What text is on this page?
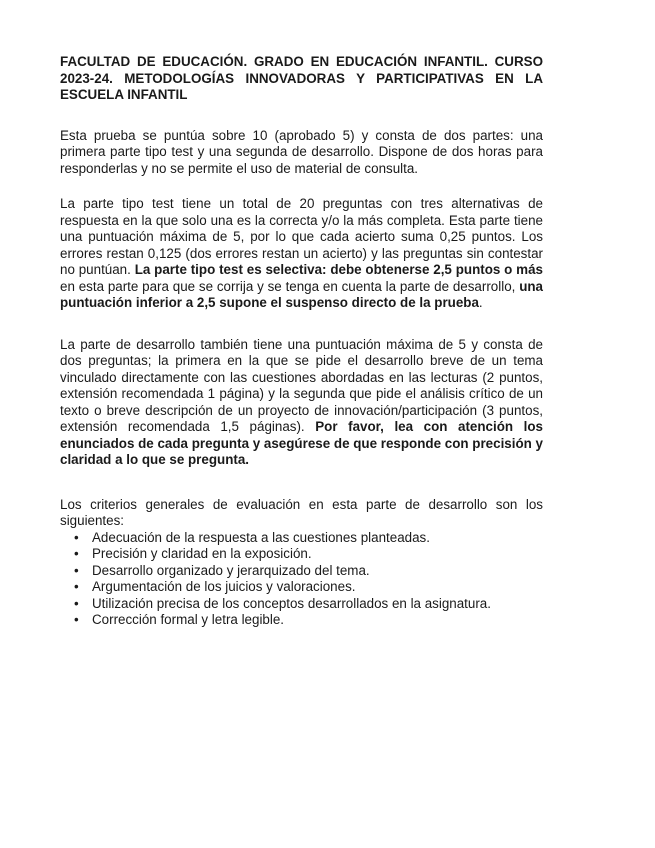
FACULTAD DE EDUCACIÓN. GRADO EN EDUCACIÓN INFANTIL. CURSO 2023-24. METODOLOGÍAS INNOVADORAS Y PARTICIPATIVAS EN LA ESCUELA INFANTIL

Esta prueba se puntúa sobre 10 (aprobado 5) y consta de dos partes: una primera parte tipo test y una segunda de desarrollo. Dispone de dos horas para responderlas y no se permite el uso de material de consulta.

La parte tipo test tiene un total de 20 preguntas con tres alternativas de respuesta en la que solo una es la correcta y/o la más completa. Esta parte tiene una puntuación máxima de 5, por lo que cada acierto suma 0,25 puntos. Los errores restan 0,125 (dos errores restan un acierto) y las preguntas sin contestar no puntúan. La parte tipo test es selectiva: debe obtenerse 2,5 puntos o más en esta parte para que se corrija y se tenga en cuenta la parte de desarrollo, una puntuación inferior a 2,5 supone el suspenso directo de la prueba.

La parte de desarrollo también tiene una puntuación máxima de 5 y consta de dos preguntas; la primera en la que se pide el desarrollo breve de un tema vinculado directamente con las cuestiones abordadas en las lecturas (2 puntos, extensión recomendada 1 página) y la segunda que pide el análisis crítico de un texto o breve descripción de un proyecto de innovación/participación (3 puntos, extensión recomendada 1,5 páginas). Por favor, lea con atención los enunciados de cada pregunta y asegúrese de que responde con precisión y claridad a lo que se pregunta.

Los criterios generales de evaluación en esta parte de desarrollo son los siguientes:

• Adecuación de la respuesta a las cuestiones planteadas.
• Precisión y claridad en la exposición.
• Desarrollo organizado y jerarquizado del tema.
• Argumentación de los juicios y valoraciones.
• Utilización precisa de los conceptos desarrollados en la asignatura.
• Corrección formal y letra legible.
